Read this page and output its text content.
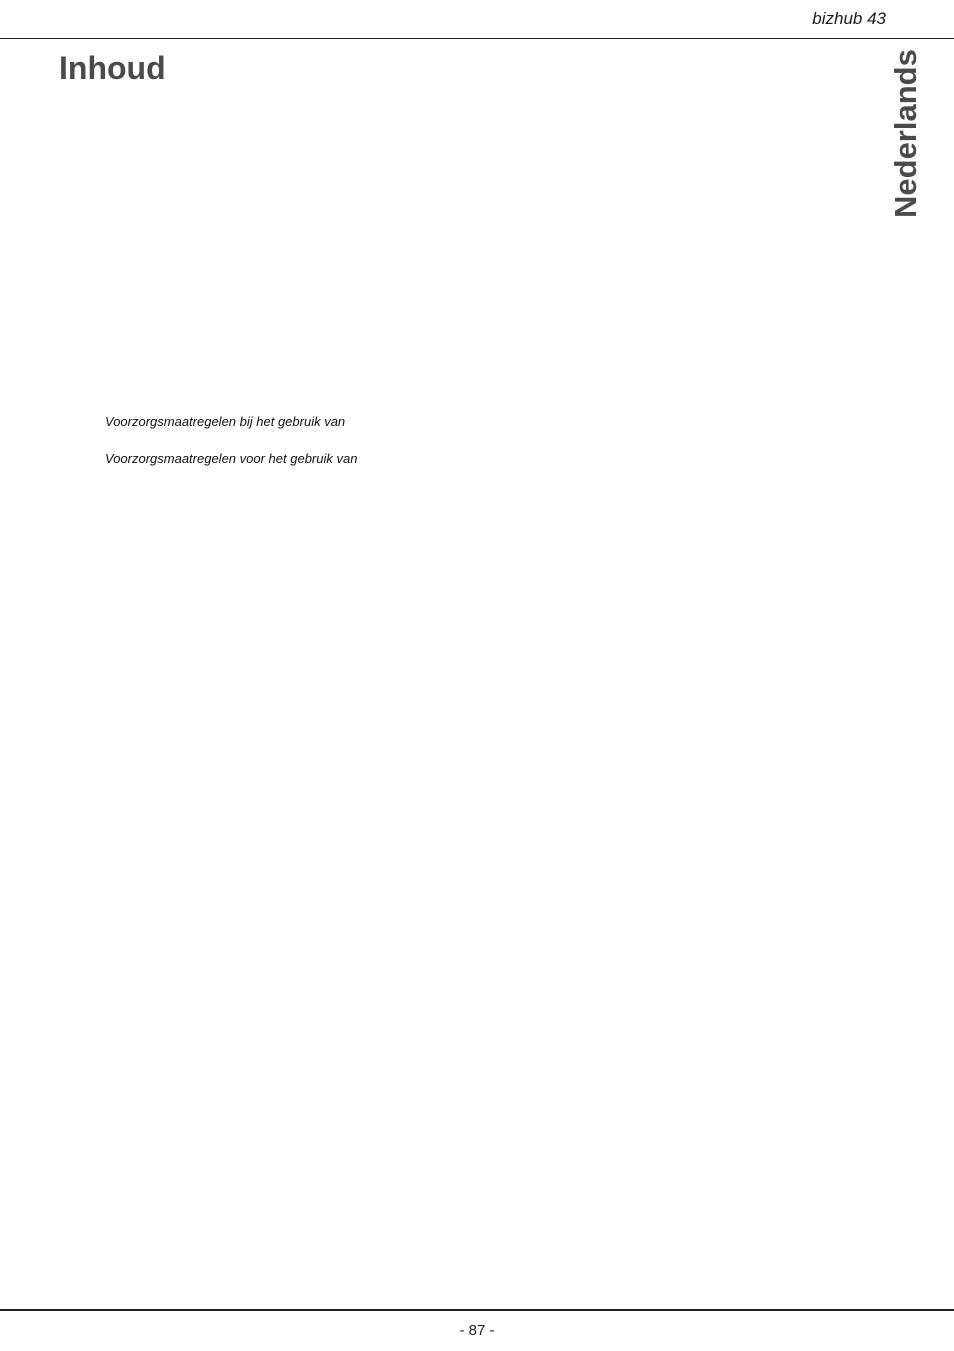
bizhub 43
Inhoud	Nederlands
Voorzorgsmaatregelen bij het gebruik van
Voorzorgsmaatregelen voor het gebruik van
- 87 -
